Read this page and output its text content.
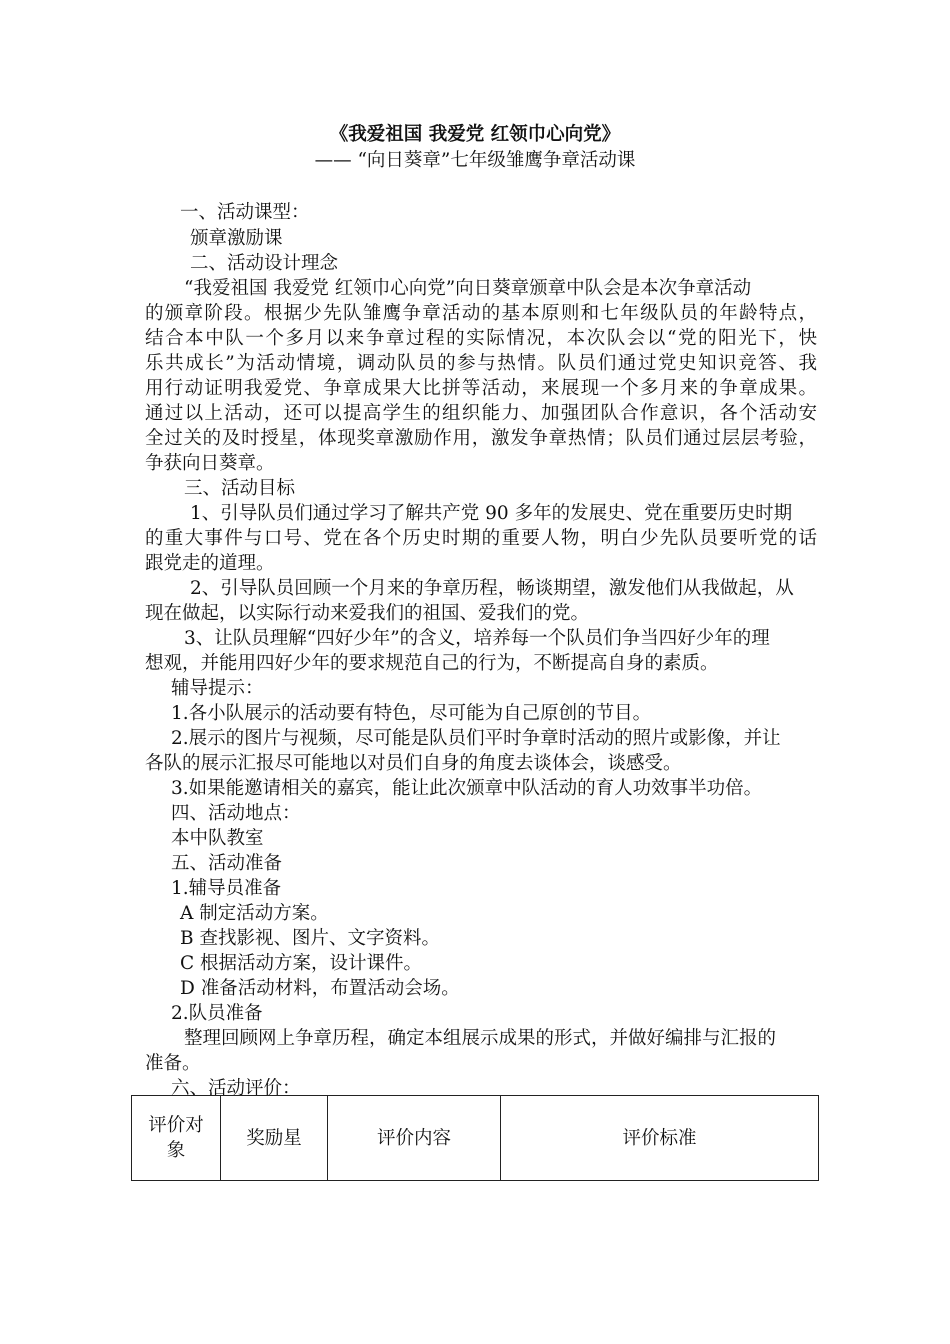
《我爱祖国 我爱党 红领巾心向党》
—— “向日葵章”七年级雏鹰争章活动课
一、活动课型：
颁章激励课
二、活动设计理念
“我爱祖国 我爱党 红领巾心向党”向日葵章颁章中队会是本次争章活动
的颁章阶段。根据少先队雏鹰争章活动的基本原则和七年级队员的年龄特点，
结合本中队一个多月以来争章过程的实际情况，本次队会以“党的阳光下，快
乐共成长”为活动情境，调动队员的参与热情。队员们通过党史知识竞答、我
用行动证明我爱党、争章成果大比拼等活动，来展现一个多月来的争章成果。
通过以上活动，还可以提高学生的组织能力、加强团队合作意识，各个活动安
全过关的及时授星，体现奖章激励作用，激发争章热情；队员们通过层层考验，
争获向日葵章。
三、活动目标
1、引导队员们通过学习了解共产党 90 多年的发展史、党在重要历史时期
的重大事件与口号、党在各个历史时期的重要人物，明白少先队员要听党的话
跟党走的道理。
2、引导队员回顾一个月来的争章历程，畅谈期望，激发他们从我做起，从
现在做起，以实际行动来爱我们的祖国、爱我们的党。
3、让队员理解“四好少年”的含义，培养每一个队员们争当四好少年的理
想观，并能用四好少年的要求规范自己的行为，不断提高自身的素质。
辅导提示：
1.各小队展示的活动要有特色，尽可能为自己原创的节目。
2.展示的图片与视频，尽可能是队员们平时争章时活动的照片或影像，并让
各队的展示汇报尽可能地以对员们自身的角度去谈体会，谈感受。
3.如果能邀请相关的嘉宾，能让此次颁章中队活动的育人功效事半功倍。
四、活动地点：
本中队教室
五、活动准备
1.辅导员准备
A 制定活动方案。
B 查找影视、图片、文字资料。
C 根据活动方案，设计课件。
D 准备活动材料，布置活动会场。
2.队员准备
整理回顾网上争章历程，确定本组展示成果的形式，并做好编排与汇报的
准备。
六、活动评价：
评价对象
	奖励星	评价内容	评价标准
